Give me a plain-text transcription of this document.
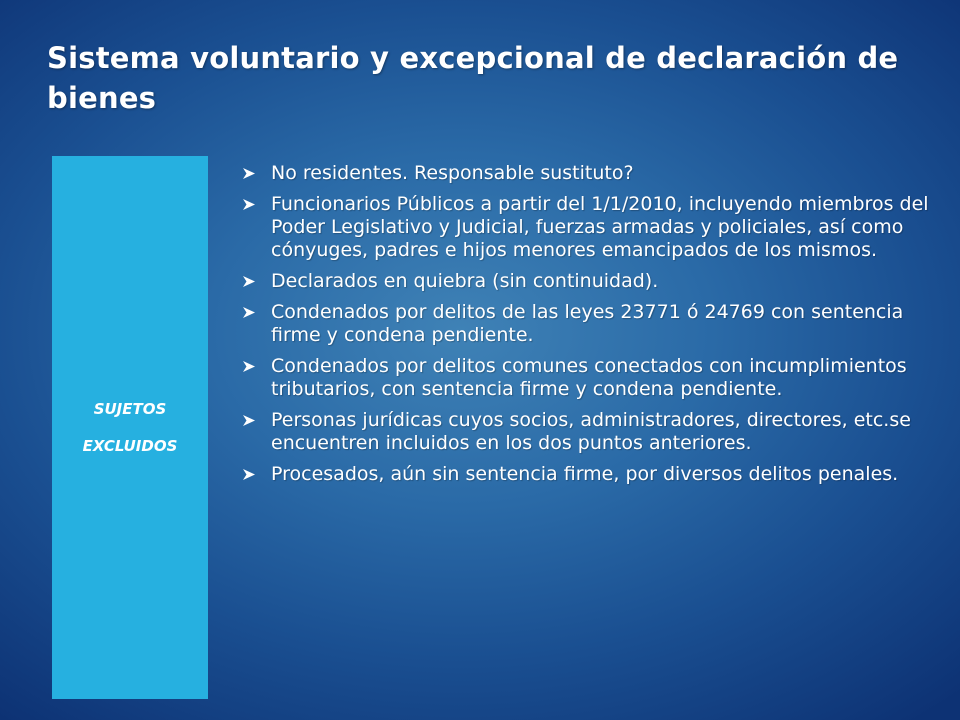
Sistema voluntario y excepcional de declaración de bienes
SUJETOS
EXCLUIDOS
No residentes. Responsable sustituto?
Funcionarios Públicos a partir del 1/1/2010, incluyendo miembros del Poder Legislativo y Judicial, fuerzas armadas y policiales, así como cónyuges, padres e hijos menores emancipados de los mismos.
Declarados en quiebra (sin continuidad).
Condenados por delitos de las leyes 23771 ó 24769 con sentencia firme y condena pendiente.
Condenados por delitos comunes conectados con incumplimientos tributarios, con sentencia firme y condena pendiente.
Personas jurídicas cuyos socios, administradores, directores, etc.se encuentren incluidos en los dos puntos anteriores.
Procesados, aún sin sentencia firme, por diversos delitos penales.
